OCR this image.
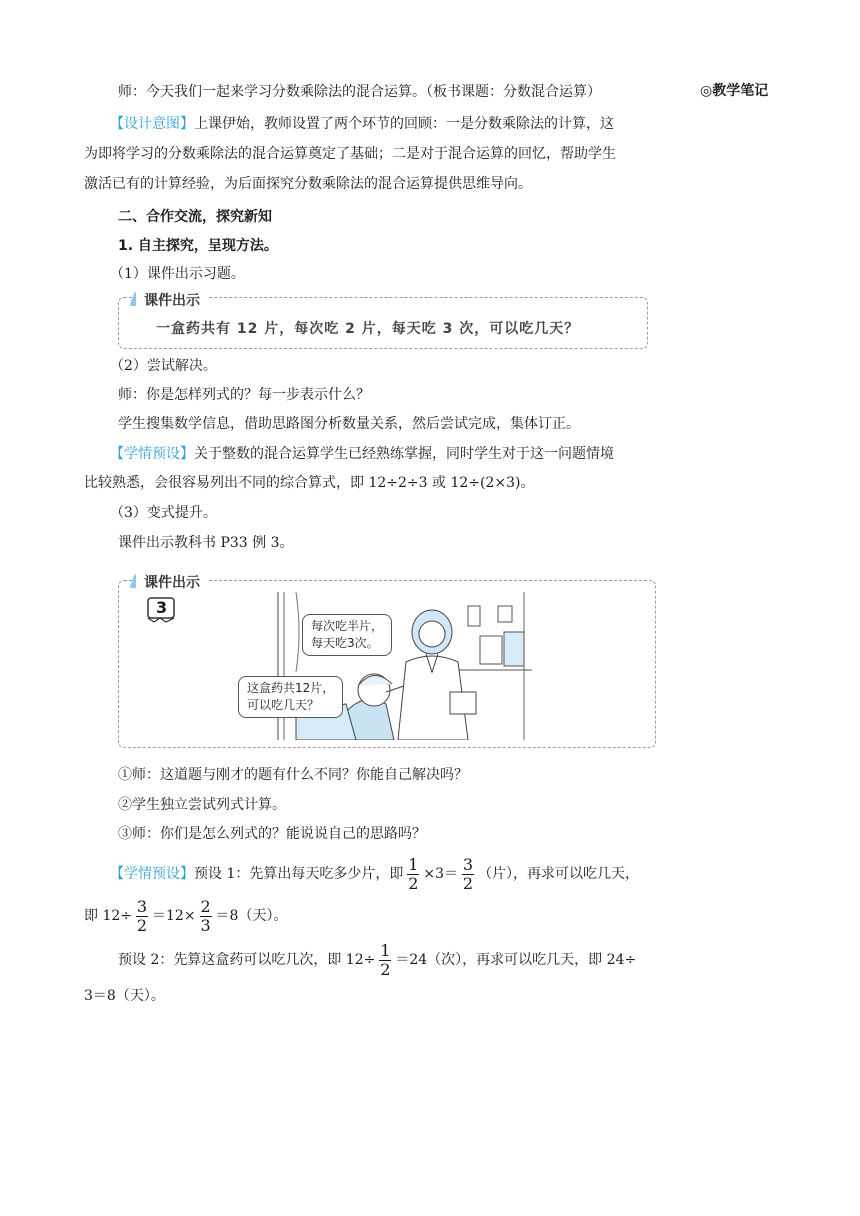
◎教学笔记
师：今天我们一起来学习分数乘除法的混合运算。（板书课题：分数混合运算）
【设计意图】上课伊始，教师设置了两个环节的回顾：一是分数乘除法的计算，这
为即将学习的分数乘除法的混合运算奠定了基础；二是对于混合运算的回忆，帮助学生
激活已有的计算经验，为后面探究分数乘除法的混合运算提供思维导向。
二、合作交流，探究新知
1. 自主探究，呈现方法。
（1）课件出示习题。
课件出示
一盒药共有 12 片，每次吃 2 片，每天吃 3 次，可以吃几天？
（2）尝试解决。
师：你是怎样列式的？每一步表示什么？
学生搜集数学信息，借助思路图分析数量关系，然后尝试完成，集体订正。
【学情预设】关于整数的混合运算学生已经熟练掌握，同时学生对于这一问题情境
比较熟悉，会很容易列出不同的综合算式，即 12÷2÷3 或 12÷(2×3)。
（3）变式提升。
课件出示教科书 P33 例 3。
课件出示
3
每次吃半片，
每天吃3次。
这盒药共12片，
可以吃几天？
①师：这道题与刚才的题有什么不同？你能自己解决吗？
②学生独立尝试列式计算。
③师：你们是怎么列式的？能说说自己的思路吗？
【学情预设】预设 1：先算出每天吃多少片，即 $\frac{1}{2} \times 3= \frac{3}{2}$ （片），再求可以吃几天，
即 $12\div \frac{3}{2} =12\times \frac{2}{3} =8$（天）。
预设 2：先算这盒药可以吃几次，即 $12\div \frac{1}{2} =24$（次），再求可以吃几天，即 24÷
3＝8（天）。
